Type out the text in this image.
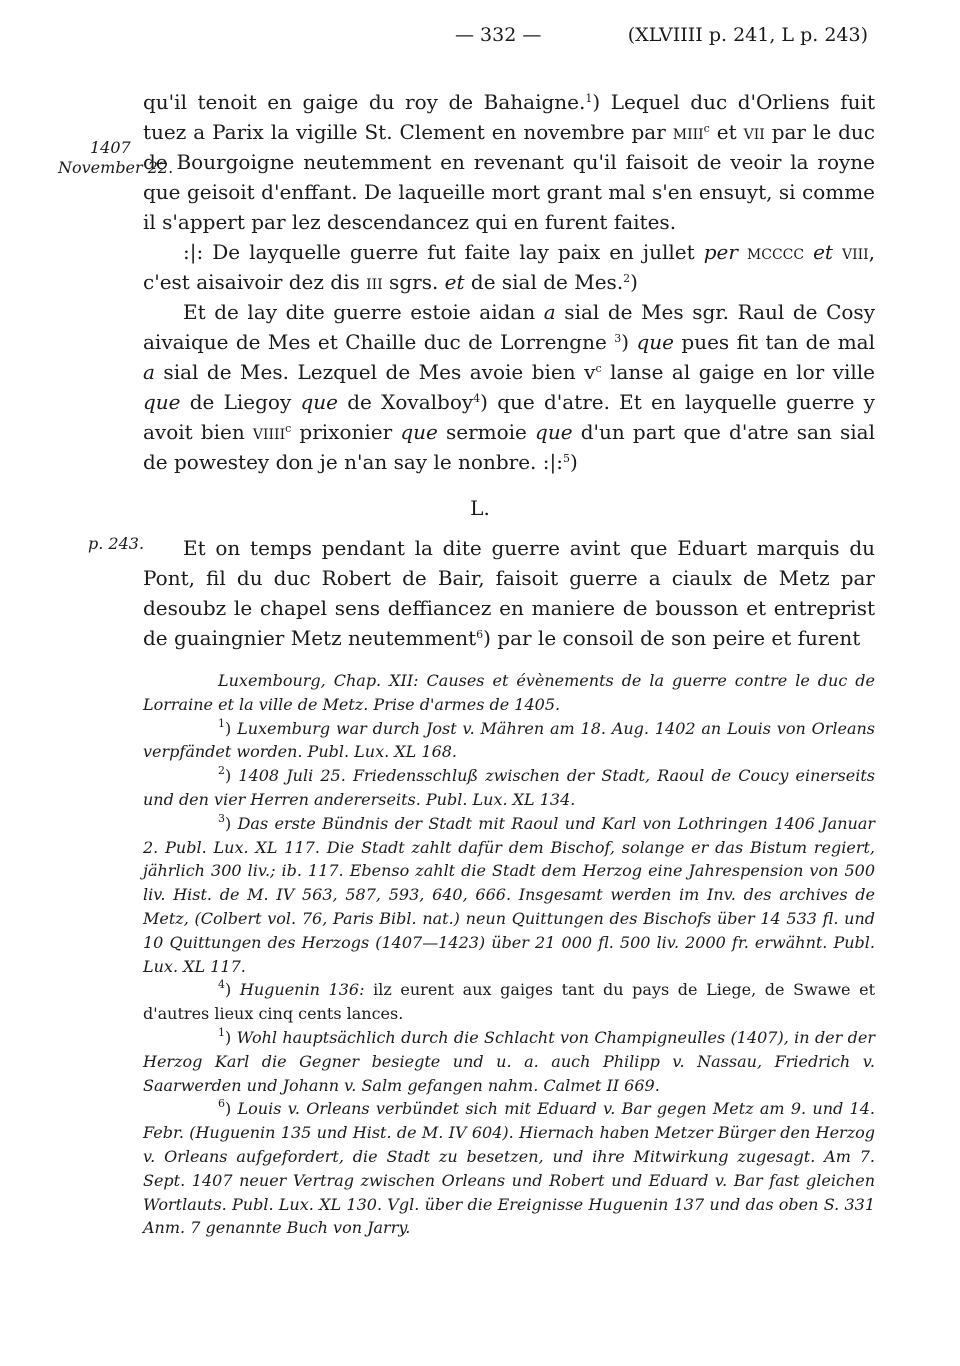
— 332 —	(XLVIIII p. 241, L p. 243)
1407
November 22.
p. 243.

qu'il tenoit en gaige du roy de Bahaigne.$^1$) Lequel duc d'Orliens fuit tuez a Parix la vigille St. Clement en novembre par mııı$^c$ et vıı par le duc de Bourgoigne neutemment en revenant qu'il faisoit de veoir la royne que geisoit d'enffant. De laqueille mort grant mal s'en ensuyt, si comme il s'appert par lez descendancez qui en furent faites.

:|: De layquelle guerre fut faite lay paix en jullet per mcccc et vııı, c'est aisaivoir dez dis ııı sgrs. et de sial de Mes.$^2$)

Et de lay dite guerre estoie aidan a sial de Mes sgr. Raul de Cosy aivaique de Mes et Chaille duc de Lorrengne $^3$) que pues fit tan de mal a sial de Mes. Lezquel de Mes avoie bien $v^c$ lanse al gaige en lor ville que de Liegoy que de Xovalboy$^4$) que d'atre. Et en layquelle guerre y avoit bien vıııı$^c$ prixonier que sermoie que d'un part que d'atre san sial de powestey don je n'an say le nonbre. :|:$^5$)

L.

Et on temps pendant la dite guerre avint que Eduart marquis du Pont, fil du duc Robert de Bair, faisoit guerre a ciaulx de Metz par desoubz le chapel sens deffiancez en maniere de bousson et entreprist de guaingnier Metz neutemment$^6$) par le consoil de son peire et furent

Luxembourg, Chap. XII: Causes et évènements de la guerre contre le duc de Lorraine et la ville de Metz. Prise d'armes de 1405.

$^1$) Luxemburg war durch Jost v. Mähren am 18. Aug. 1402 an Louis von Orleans verpfändet worden. Publ. Lux. XL 168.

$^2$) 1408 Juli 25. Friedensschluß zwischen der Stadt, Raoul de Coucy einerseits und den vier Herren andererseits. Publ. Lux. XL 134.

$^3$) Das erste Bündnis der Stadt mit Raoul und Karl von Lothringen 1406 Januar 2. Publ. Lux. XL 117. Die Stadt zahlt dafür dem Bischof, solange er das Bistum regiert, jährlich 300 liv.; ib. 117. Ebenso zahlt die Stadt dem Herzog eine Jahrespension von 500 liv. Hist. de M. IV 563, 587, 593, 640, 666. Insgesamt werden im Inv. des archives de Metz, (Colbert vol. 76, Paris Bibl. nat.) neun Quittungen des Bischofs über 14 533 fl. und 10 Quittungen des Herzogs (1407—1423) über 21 000 fl. 500 liv. 2000 fr. erwähnt. Publ. Lux. XL 117.

$^4$) Huguenin 136: ilz eurent aux gaiges tant du pays de Liege, de Swawe et d'autres lieux cinq cents lances.

$^1$) Wohl hauptsächlich durch die Schlacht von Champigneulles (1407), in der der Herzog Karl die Gegner besiegte und u. a. auch Philipp v. Nassau, Friedrich v. Saarwerden und Johann v. Salm gefangen nahm. Calmet II 669.

$^6$) Louis v. Orleans verbündet sich mit Eduard v. Bar gegen Metz am 9. und 14. Febr. (Huguenin 135 und Hist. de M. IV 604). Hiernach haben Metzer Bürger den Herzog v. Orleans aufgefordert, die Stadt zu besetzen, und ihre Mitwirkung zugesagt. Am 7. Sept. 1407 neuer Vertrag zwischen Orleans und Robert und Eduard v. Bar fast gleichen Wortlauts. Publ. Lux. XL 130. Vgl. über die Ereignisse Huguenin 137 und das oben S. 331 Anm. 7 genannte Buch von Jarry.
